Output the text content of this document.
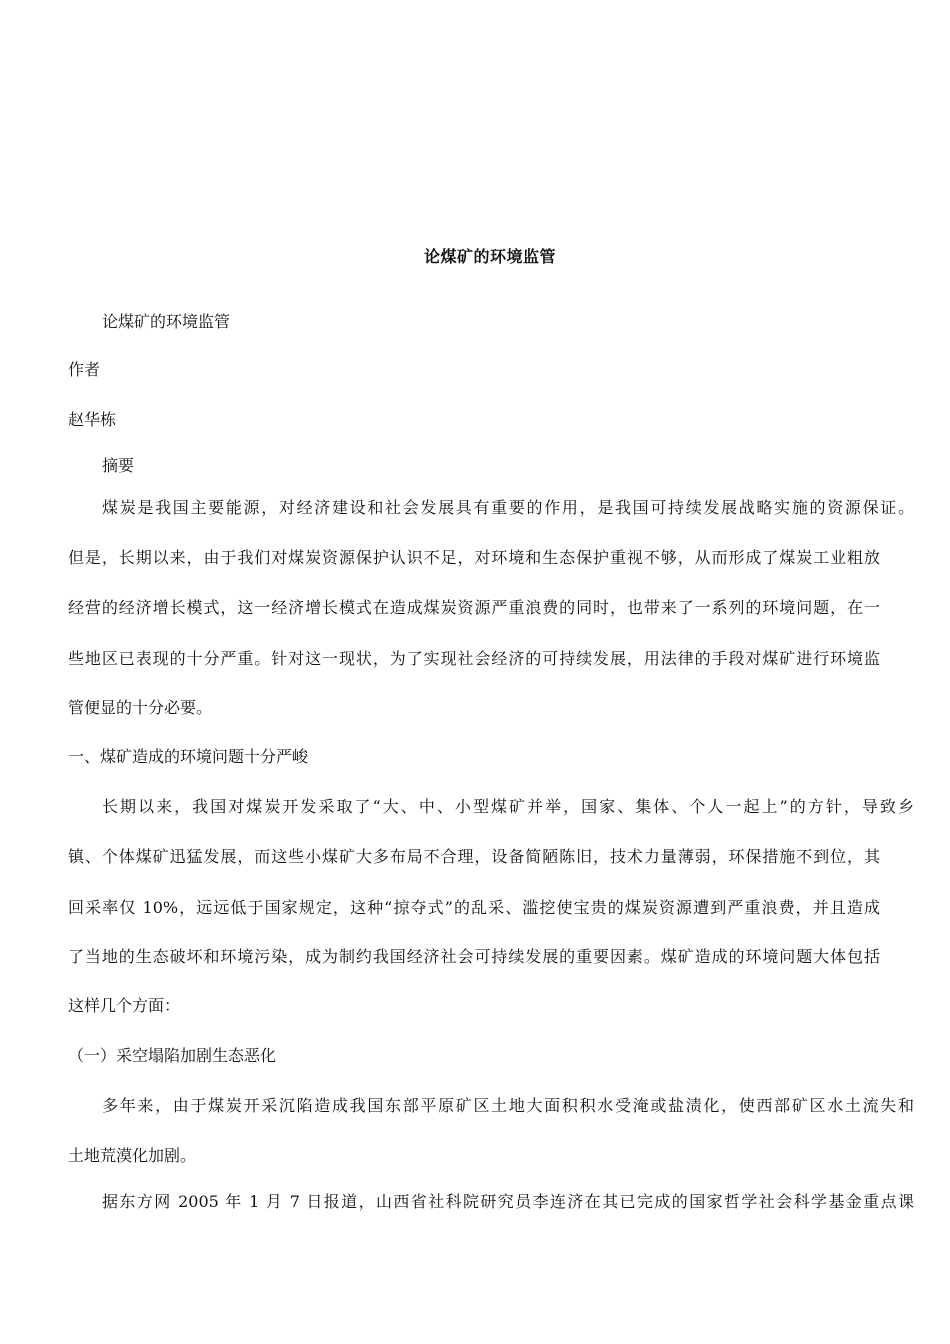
论煤矿的环境监管
论煤矿的环境监管
作者
赵华栋
摘要
煤炭是我国主要能源，对经济建设和社会发展具有重要的作用，是我国可持续发展战略实施的资源保证。
但是，长期以来，由于我们对煤炭资源保护认识不足，对环境和生态保护重视不够，从而形成了煤炭工业粗放
经营的经济增长模式，这一经济增长模式在造成煤炭资源严重浪费的同时，也带来了一系列的环境问题，在一
些地区已表现的十分严重。针对这一现状，为了实现社会经济的可持续发展，用法律的手段对煤矿进行环境监
管便显的十分必要。
一、煤矿造成的环境问题十分严峻
长期以来，我国对煤炭开发采取了“大、中、小型煤矿并举，国家、集体、个人一起上”的方针，导致乡
镇、个体煤矿迅猛发展，而这些小煤矿大多布局不合理，设备简陋陈旧，技术力量薄弱，环保措施不到位，其
回采率仅 10%，远远低于国家规定，这种“掠夺式”的乱采、滥挖使宝贵的煤炭资源遭到严重浪费，并且造成
了当地的生态破坏和环境污染，成为制约我国经济社会可持续发展的重要因素。煤矿造成的环境问题大体包括
这样几个方面：
（一）采空塌陷加剧生态恶化
多年来，由于煤炭开采沉陷造成我国东部平原矿区土地大面积积水受淹或盐渍化，使西部矿区水土流失和
土地荒漠化加剧。
据东方网 2005 年 1 月 7 日报道，山西省社科院研究员李连济在其已完成的国家哲学社会科学基金重点课
